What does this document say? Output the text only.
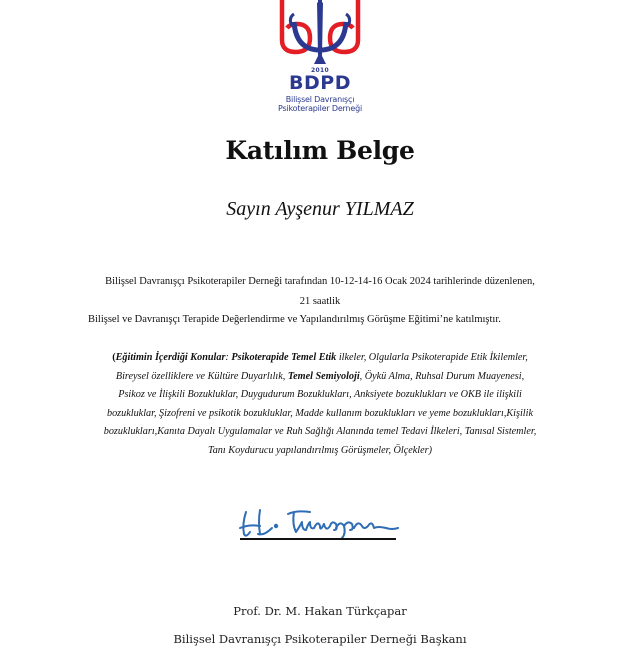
2010
BDPD
Bilişsel Davranışçı
Psikoterapiler Derneği
Katılım Belge
Sayın Ayşenur YILMAZ
Bilişsel Davranışçı Psikoterapiler Derneği tarafından 10-12-14-16 Ocak 2024 tarihlerinde düzenlenen,
21 saatlik
Bilişsel ve Davranışçı Terapide Değerlendirme ve Yapılandırılmış Görüşme Eğitimi’ne katılmıştır.
(Eğitimin İçerdiği Konular: Psikoterapide Temel Etik ilkeler, Olgularla Psikoterapide Etik İkilemler,
Bireysel özelliklere ve Kültüre Duyarlılık, Temel Semiyoloji, Öykü Alma, Ruhsal Durum Muayenesi,
Psikoz ve İlişkili Bozukluklar, Duygudurum Bozuklukları, Anksiyete bozuklukları ve OKB ile ilişkili
bozukluklar, Şizofreni ve psikotik bozukluklar, Madde kullanım bozuklukları ve yeme bozuklukları,Kişilik
bozuklukları,Kanıta Dayalı Uygulamalar ve Ruh Sağlığı Alanında temel Tedavi İlkeleri, Tanısal Sistemler,
Tanı Koydurucu yapılandırılmış Görüşmeler, Ölçekler)
Prof. Dr. M. Hakan Türkçapar
Bilişsel Davranışçı Psikoterapiler Derneği Başkanı
